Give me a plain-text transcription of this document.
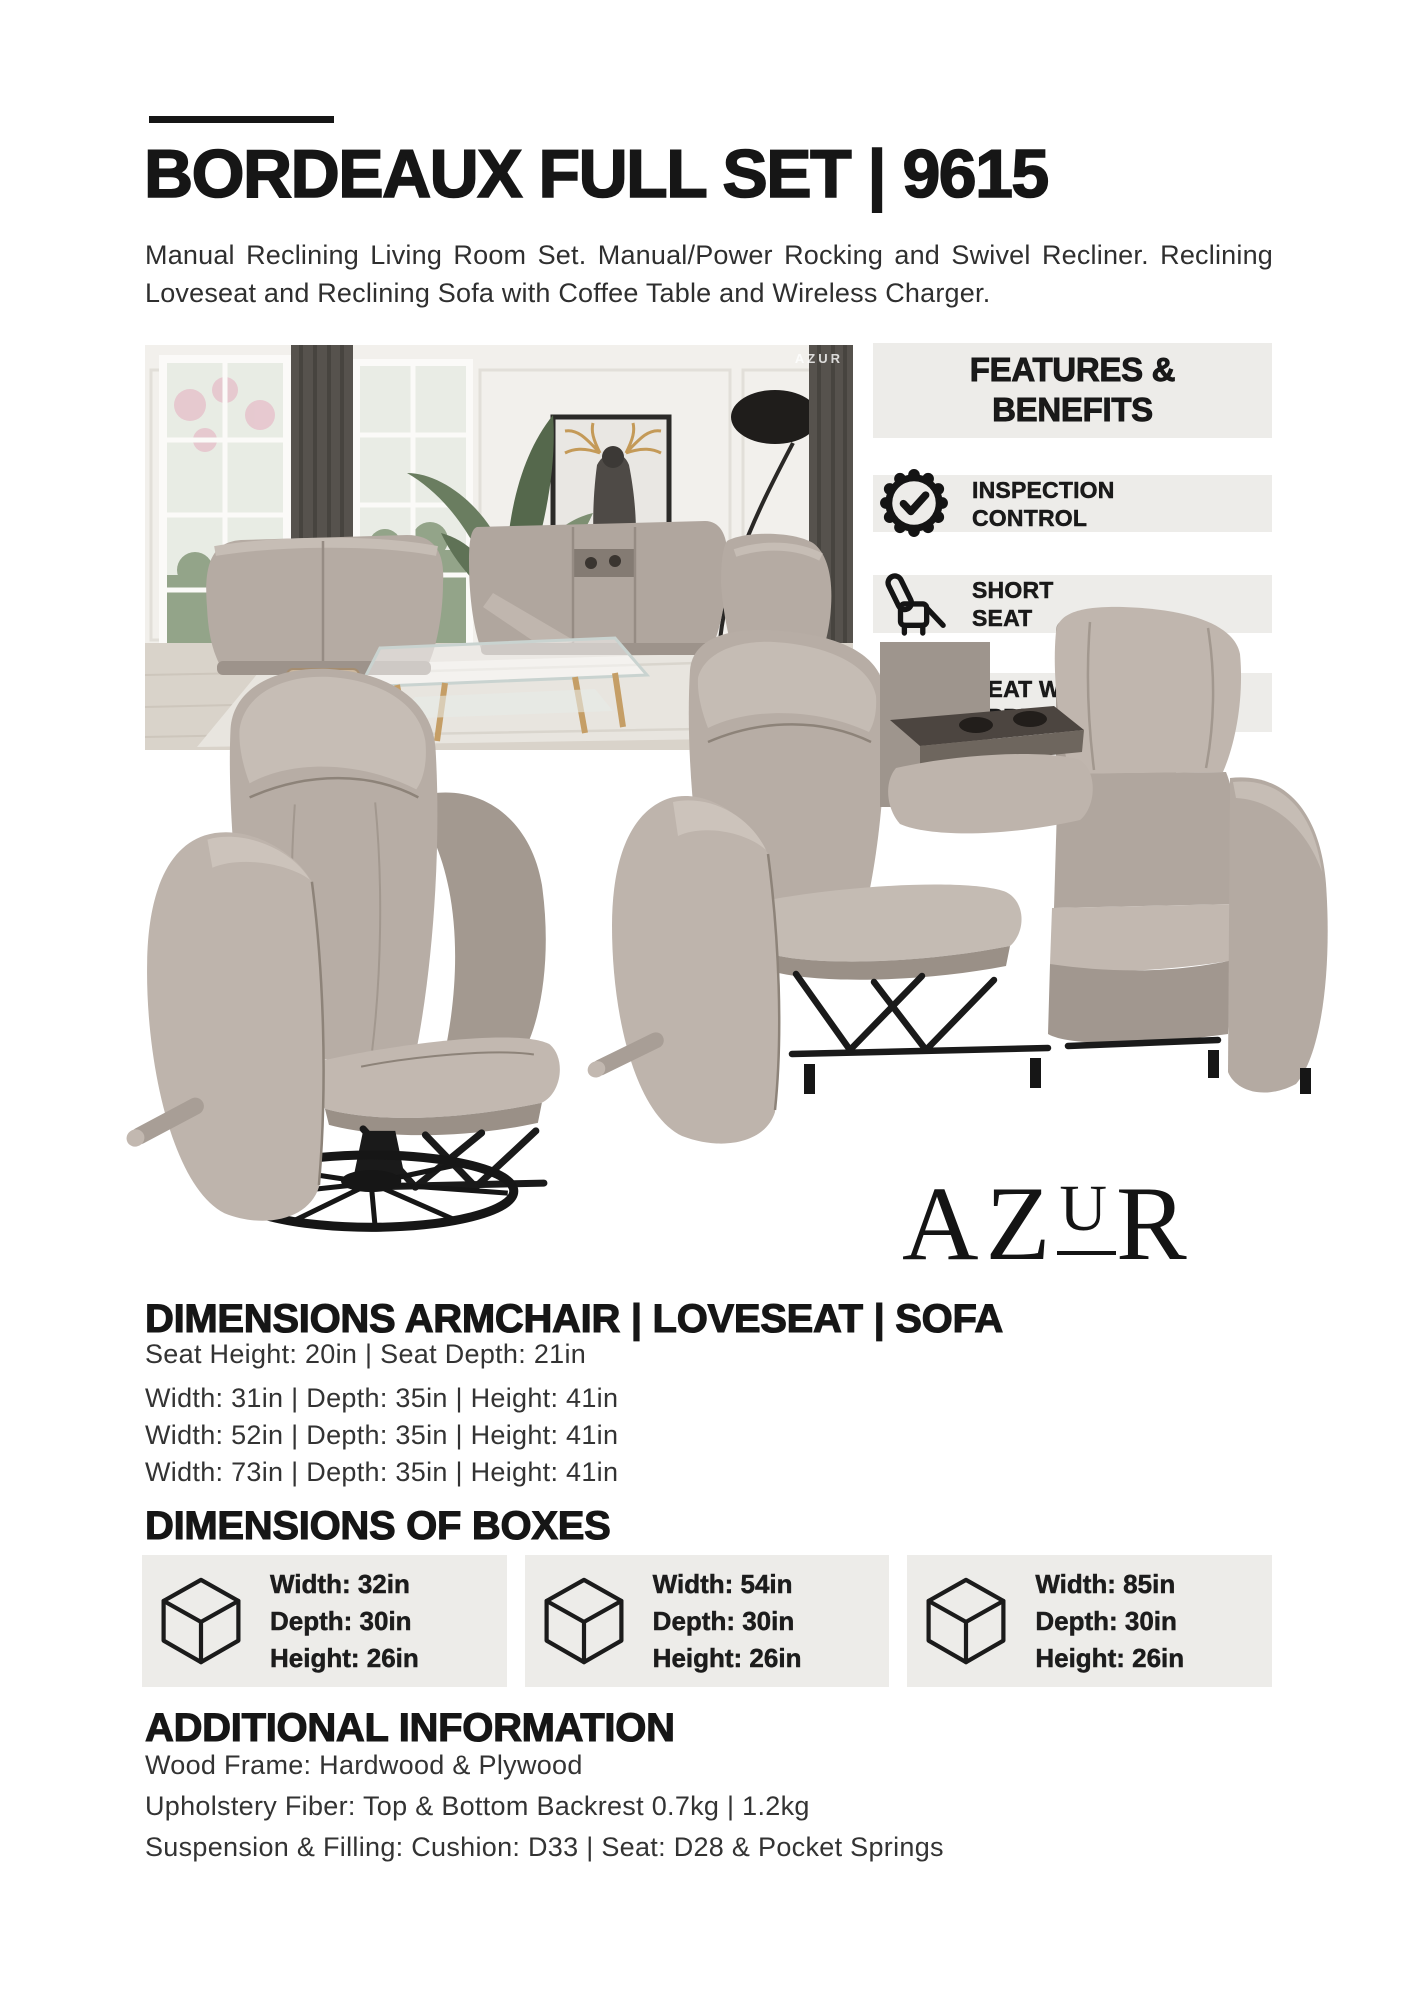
BORDEAUX FULL SET | 9615

Manual Reclining Living Room Set. Manual/Power Rocking and Swivel Recliner. Reclining Loveseat and Reclining Sofa with Coffee Table and Wireless Charger.

AZUR	FEATURES &
BENEFITS
INSPECTION
CONTROL
SHORT
SEAT
SEAT
A Z U R
DIMENSIONS ARMCHAIR | LOVESEAT | SOFA

Seat Height: 20in | Seat Depth: 21in

Width: 31in | Depth: 35in | Height: 41in

Width: 52in | Depth: 35in | Height: 41in

Width: 73in | Depth: 35in | Height: 41in

DIMENSIONS OF BOXES
Width: 32in
Depth: 30in
Height: 26in
Width: 54in
Depth: 30in
Height: 26in
Width: 85in
Depth: 30in
Height: 26in
ADDITIONAL INFORMATION

Wood Frame: Hardwood & Plywood

Upholstery Fiber: Top & Bottom Backrest 0.7kg | 1.2kg

Suspension & Filling: Cushion: D33 | Seat: D28 & Pocket Springs
